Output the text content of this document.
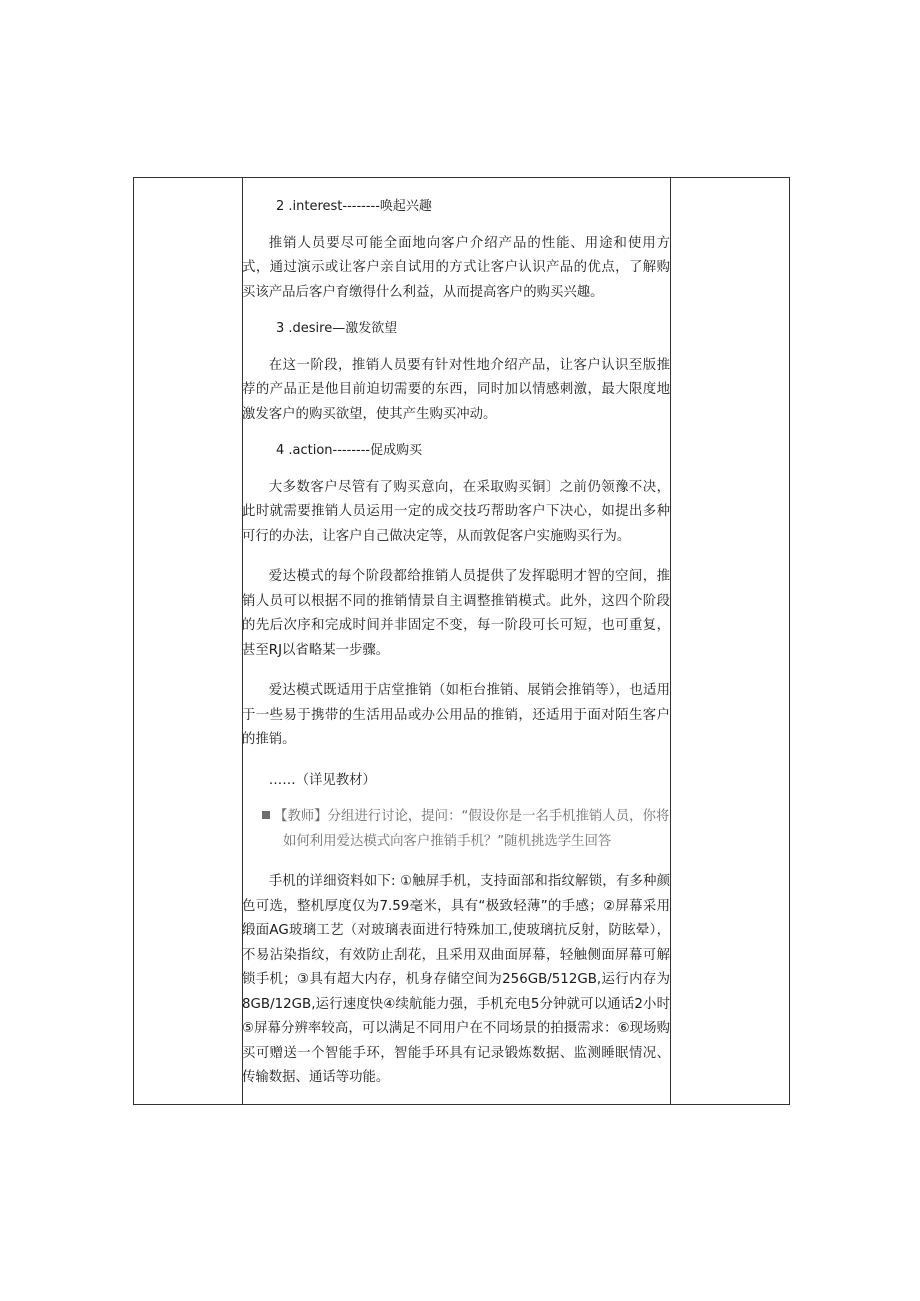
2 .interest--------唤起兴趣

推销人员要尽可能全面地向客户介绍产品的性能、用途和使用方式，通过演示或让客户亲自试用的方式让客户认识产品的优点，了解购买该产品后客户育缴得什么利益，从而提高客户的购买兴趣。

3 .desire—激发欲望

在这一阶段，推销人员要有针对性地介绍产品，让客户认识至版推荐的产品正是他目前迫切需要的东西，同时加以情感刺激，最大限度地激发客户的购买欲望，使其产生购买冲动。

4 .action--------促成购买

大多数客户尽管有了购买意向，在采取购买铜〕之前仍领豫不决，此时就需要推销人员运用一定的成交技巧帮助客户下决心，如提出多种可行的办法，让客户自己做决定等，从而敦促客户实施购买行为。

爱达模式的每个阶段都给推销人员提供了发挥聪明才智的空间，推销人员可以根据不同的推销情景自主调整推销模式。此外，这四个阶段的先后次序和完成时间并非固定不变，每一阶段可长可短，也可重复，甚至RJ以省略某一步骤。

爱达模式既适用于店堂推销（如柜台推销、展销会推销等），也适用于一些易于携带的生活用品或办公用品的推销，还适用于面对陌生客户的推销。

……（详见教材）

【教师】分组进行讨论，提问：“假设你是一名手机推销人员，你将
如何利用爱达模式向客户推销手机？”随机挑选学生回答

手机的详细资料如下: ①触屏手机，支持面部和指纹解锁，有多种颜色可选，整机厚度仅为7.59毫米，具有“极致轻薄”的手感；②屏幕采用缎面AG玻璃工艺（对玻璃表面进行特殊加工,使玻璃抗反射，防眩晕），不易沾染指纹，有效防止刮花，且采用双曲面屏幕，轻触侧面屏幕可解锁手机；③具有超大内存，机身存储空间为256GB/512GB,运行内存为8GB/12GB,运行速度快④续航能力强，手机充电5分钟就可以通话2小时⑤屏幕分辨率较高，可以满足不同用户在不同场景的拍摄需求：⑥现场购买可赠送一个智能手环，智能手环具有记录锻炼数据、监测睡眠情况、传输数据、通话等功能。
